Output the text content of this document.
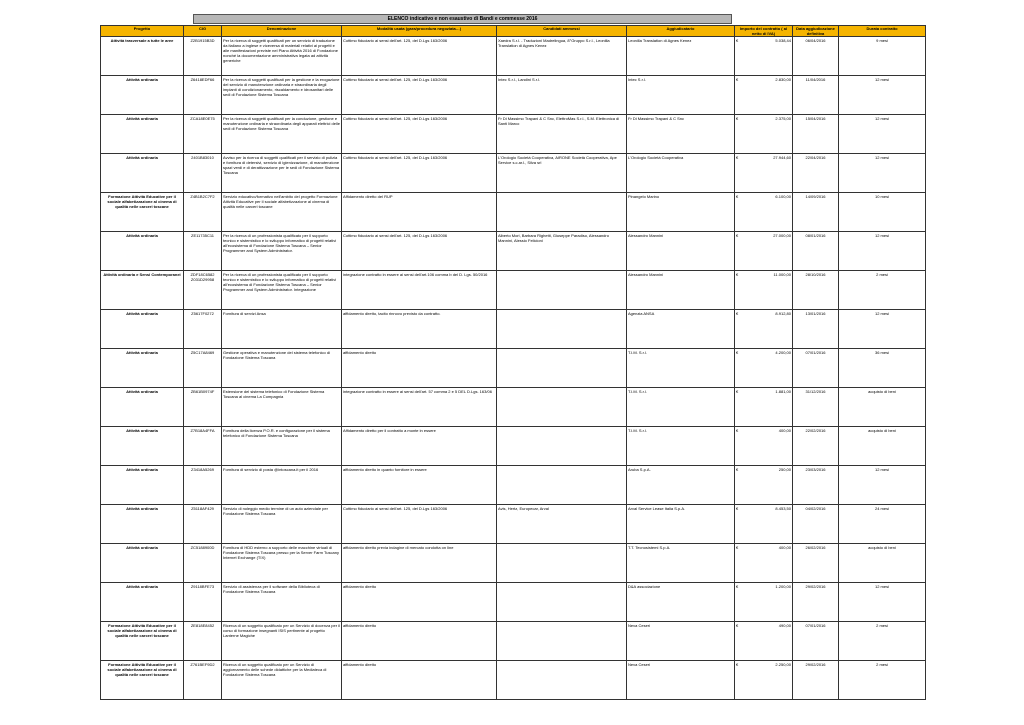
ELENCO indicativo e non esaustivo di Bandi e commesse 2016
Progetto	CIG	Denominazione	Modalità usata (gara/procedura negoziata…)	Candidati ammessi	Aggiudicatario	Importo del contratto ( al netto di IVA)	Data aggiudicazione definitiva	Durata contratto
Attività trasversale a tutte le aree	Z2B1915B3D	Per la ricerca di soggetti qualificati per un servizio di traduzione da italiano a inglese e viceversa di materiali relativi ai progetti e alle manifestazioni previste nel Piano Attività 2016 di Fondazione nonché la documentazione amministrativa legata ad attività generiche	Cottimo fiduciario ai sensi dell'art. 125, del D.Lgs 163/2006	Xaedra S.r.l. - Traduzioni Madrelingua, 8°Gruppo S.r.l., Leonilla Translation di Agnes Kenez	Leonilla Translation di Agnes Kenez	€ 5.038,44	06/04/2016	9 mesi
Attività ordinaria	Z6418EDF66	Per la ricerca di soggetti qualificati per la gestione e la erogazione del servizio di manutenzione ordinaria e straordinaria degli impianti di condizionamento, riscaldamento e idrosanitari delle sedi di Fondazione Sistema Toscana	Cottimo fiduciario ai sensi dell'art. 125, del D.Lgs 163/2006	Intec S.r.l., Landini S.r.l.	Intec S.r.l.	€ 2.830,00	11/04/2016	12 mesi
Attività ordinaria	ZCA18E0E75	Per la ricerca di soggetti qualificati per la conduzione, gestione e manutenzione ordinaria e straordinaria degli apparati elettrici delle sedi di Fondazione Sistema Toscana	Cottimo fiduciario ai sensi dell'art. 125, del D.Lgs 163/2006	Fr Di Massimo Trapani & C Snc, ElettroMas S.r.l., S.M. Elettronica di Santi Marco	Fr Di Massimo Trapani & C Snc	€ 2.375,00	15/04/2016	12 mesi
Attività ordinaria	2401B83010	Avviso per la ricerca di soggetti qualificati per il servizio di pulizia e fornitura di detersivi, servizio di igienizzazione, di manutenzione spazi verdi e di derattizzazione per le sedi di Fondazione Sistema Toscana	Cottimo fiduciario ai sensi dell'art. 125, del D.Lgs 163/2006	L'Orologio Società Cooperativa, AIRONE Società Cooperativa, Ape Service s.c.ar.l., Silva srl	L'Orologio Società Cooperativa	€ 27.944,60	22/04/2016	12 mesi
Formazione Attività Educative per il sociale alfabetizzazione al cinema di qualità nelle carceri toscane	Z4B1B2C7F2	Servizio educativo/formativo nell'ambito del progetto Formazione Attività Educative per il sociale alfabetizzazione al cinema di qualità nelle carceri toscane	Affidamento diretto del RUP		Pinangelo Marino	€ 6.100,00	14/09/2016	10 mesi
Attività ordinaria	ZE11735C11	Per la ricerca di un professionista qualificato per il supporto tecnico e sistemistico e lo sviluppo informatico di progetti relativi all'ecosistema di Fondazione Sistema Toscana – Senior Programmer and System Administrator.	Cottimo fiduciario ai sensi dell'art. 125, del D.Lgs 163/2006	Alberto Mori, Barbara Righetti, Giuseppe Paradiso, Alessandro Mannini, Alessio Felicioni	Alessandro Mannini	€ 27.000,00	08/01/2016	12 mesi
Attività ordinaria e Sensi Contemporanei	ZDF18C6582 Z031D29958	Per la ricerca di un professionista qualificato per il supporto tecnico e sistemistico e lo sviluppo informatico di progetti relativi all'ecosistema di Fondazione Sistema Toscana – Senior Programmer and System Administrator. Integrazione	integrazione contratto in essere ai sensi dell'art.106 comma b del D. Lgs. 50/2016		Alessandro Mannini	€ 11.000,00	28/10/2016	2 mesi
Attività ordinaria	Z5617F0272	Fornitura di servizi Ansa	affidamento diretto, tacito rinnovo previsto da contratto.		Agenzia ANSA	€ 8.912,80	13/01/2016	12 mesi
Attività ordinaria	Z5C17A8469	Gestione operativa e manutenzione del sistema telefonico di Fondazione Sistema Toscana	affidamento diretto		T.I.M. S.r.l.	€ 4.200,00	07/01/2016	36 mesi
Attività ordinaria	ZB61B0974F	Estensione del sistema telefonico di Fondazione Sistema Toscana al cinema La Compagnia	integrazione contratto in essere ai sensi dell'art. 57 comma 2 e 5 DEL D.Lgs. 163/06		T.I.M. S.r.l.	€ 1.881,00	31/12/2016	acquisto di beni
Attività ordinaria	Z7B18A4FFA	Fornitura della licenza P.O.R. e configurazione per il sistema telefonico di Fondazione Sistema Toscana	Affidamento diretto per il contratto a monte in essere		T.I.M. S.r.l.	€ 400,00	22/02/2016	acquisto di beni
Attività ordinaria	Z3418A5269	Fornitura di servizio di posta @intoscana.it per il 2016	affidamento diretto in quanto fornitore in essere		Aruba S.p.A.	€ 250,00	23/03/2016	12 mesi
Attività ordinaria	Z5118AF429	Servizio di noleggio medio termine di un auto aziendale per Fondazione Sistema Toscana	Cottimo fiduciario ai sensi dell'art. 125, del D.Lgs 163/2006	Avis, Hertz, Europecar, Arval	Arval Service Lease Italia S.p.A.	€ 8.453,50	04/02/2016	24 mesi
Attività ordinaria	ZC5188900D	Fornitura di HDD esterno a supporto delle macchine virtuali di Fondazione Sistema Toscana presso per la Server Farm Tuscany Internet Exchange (TIX)	affidamento diretto previa indagine di mercato condotta on line		T.T. Tecnosistemi S.p.A.	€ 400,00	26/02/2016	acquisto di beni
Attività ordinaria	Z9118BFE73	Servizio di assistenza per il software della Biblioteca di Fondazione Sistema Toscana	affidamento diretto		D&A associazione	€ 1.200,00	29/02/2016	12 mesi
Formazione Attività Educative per il sociale alfabetizzazione al cinema di qualità nelle carceri toscane	ZE818E8452	Ricerca di un soggetto qualificato per un Servizio di docenza per il corso di formazione insegnanti ISIS pertinente al progetto Lanterne Magiche	affidamento diretto		Neva Ceseri	€ 490,00	07/01/2016	2 mesi
Formazione Attività Educative per il sociale alfabetizzazione al cinema di qualità nelle carceri toscane	Z761BEF9D2	Ricerca di un soggetto qualificato per un Servizio di aggiornamento delle schede didattiche per la Mediateca di Fondazione Sistema Toscana	affidamento diretto		Neva Ceseri	€ 2.250,00	29/02/2016	2 mesi
